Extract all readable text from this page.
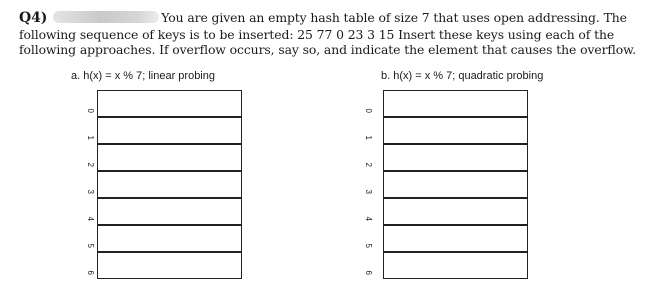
Q4)	You are given an empty hash table of size 7 that uses open addressing. The
following sequence of keys is to be inserted: 25 77 0 23 3 15 Insert these keys using each of the
following approaches. If overflow occurs, say so, and indicate the element that causes the overflow.
a. h(x) = x % 7; linear probing	b. h(x) = x % 7; quadratic probing
0
1
2
3
4
5
6
0
1
2
3
4
5
6
